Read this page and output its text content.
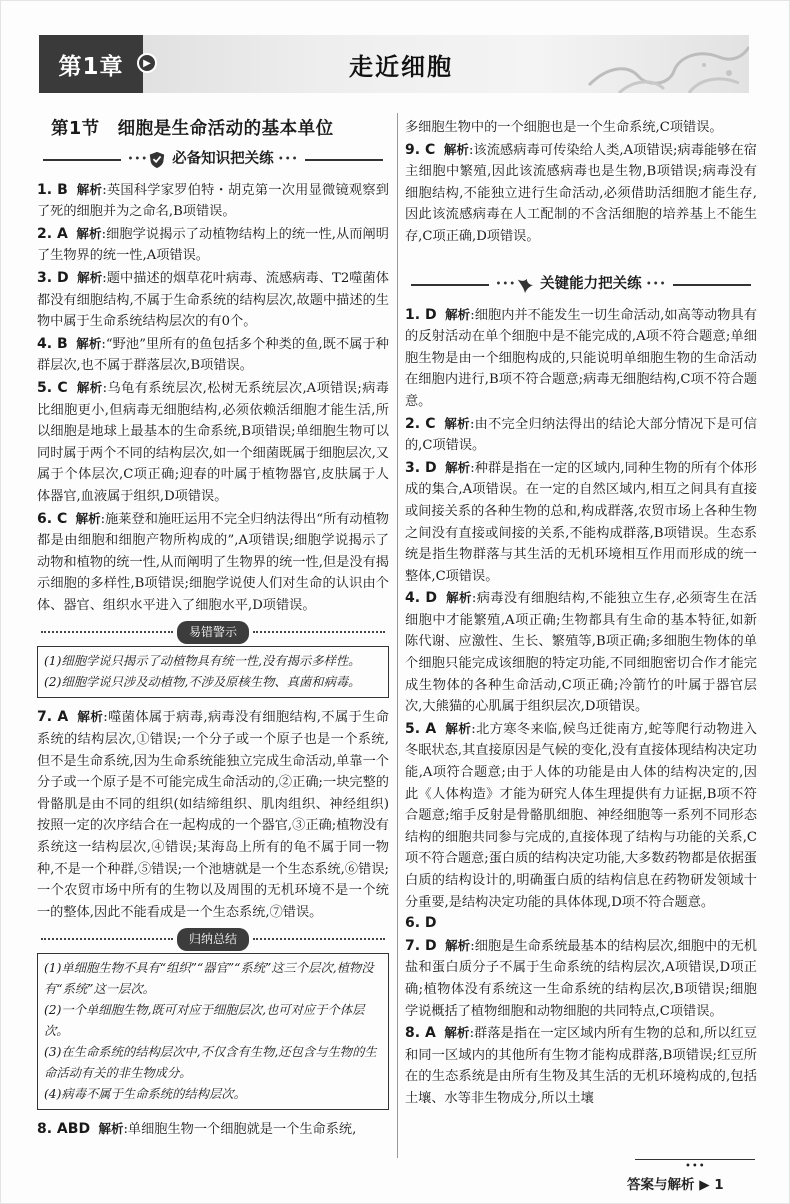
第1章	▶	走近细胞
第1节　细胞是生命活动的基本单位
••• 必备知识把关练 •••
1. B 解析:英国科学家罗伯特・胡克第一次用显微镜观察到了死的细胞并为之命名,B项错误。
2. A 解析:细胞学说揭示了动植物结构上的统一性,从而阐明了生物界的统一性,A项错误。
3. D 解析:题中描述的烟草花叶病毒、流感病毒、T2噬菌体都没有细胞结构,不属于生命系统的结构层次,故题中描述的生物中属于生命系统结构层次的有0个。
4. B 解析:“野池”里所有的鱼包括多个种类的鱼,既不属于种群层次,也不属于群落层次,B项错误。
5. C 解析:乌龟有系统层次,松树无系统层次,A项错误;病毒比细胞更小,但病毒无细胞结构,必须依赖活细胞才能生活,所以细胞是地球上最基本的生命系统,B项错误;单细胞生物可以同时属于两个不同的结构层次,如一个细菌既属于细胞层次,又属于个体层次,C项正确;迎春的叶属于植物器官,皮肤属于人体器官,血液属于组织,D项错误。
6. C 解析:施莱登和施旺运用不完全归纳法得出“所有动植物都是由细胞和细胞产物所构成的”,A项错误;细胞学说揭示了动物和植物的统一性,从而阐明了生物界的统一性,但是没有揭示细胞的多样性,B项错误;细胞学说使人们对生命的认识由个体、器官、组织水平进入了细胞水平,D项错误。
易错警示

(1)细胞学说只揭示了动植物具有统一性,没有揭示多样性。

(2)细胞学说只涉及动植物,不涉及原核生物、真菌和病毒。

7. A 解析:噬菌体属于病毒,病毒没有细胞结构,不属于生命系统的结构层次,①错误;一个分子或一个原子也是一个系统,但不是生命系统,因为生命系统能独立完成生命活动,单靠一个分子或一个原子是不可能完成生命活动的,②正确;一块完整的骨骼肌是由不同的组织(如结缔组织、肌肉组织、神经组织)按照一定的次序结合在一起构成的一个器官,③正确;植物没有系统这一结构层次,④错误;某海岛上所有的龟不属于同一物种,不是一个种群,⑤错误;一个池塘就是一个生态系统,⑥错误;一个农贸市场中所有的生物以及周围的无机环境不是一个统一的整体,因此不能看成是一个生态系统,⑦错误。
归纳总结

(1)单细胞生物不具有“组织”“器官”“系统”这三个层次,植物没有“系统”这一层次。

(2)一个单细胞生物,既可对应于细胞层次,也可对应于个体层次。

(3)在生命系统的结构层次中,不仅含有生物,还包含与生物的生命活动有关的非生物成分。

(4)病毒不属于生命系统的结构层次。

8. ABD 解析:单细胞生物一个细胞就是一个生命系统,
多细胞生物中的一个细胞也是一个生命系统,C项错误。
9. C 解析:该流感病毒可传染给人类,A项错误;病毒能够在宿主细胞中繁殖,因此该流感病毒也是生物,B项错误;病毒没有细胞结构,不能独立进行生命活动,必须借助活细胞才能生存,因此该流感病毒在人工配制的不含活细胞的培养基上不能生存,C项正确,D项错误。
••• 关键能力把关练 •••
1. D 解析:细胞内并不能发生一切生命活动,如高等动物具有的反射活动在单个细胞中是不能完成的,A项不符合题意;单细胞生物是由一个细胞构成的,只能说明单细胞生物的生命活动在细胞内进行,B项不符合题意;病毒无细胞结构,C项不符合题意。
2. C 解析:由不完全归纳法得出的结论大部分情况下是可信的,C项错误。
3. D 解析:种群是指在一定的区域内,同种生物的所有个体形成的集合,A项错误。在一定的自然区域内,相互之间具有直接或间接关系的各种生物的总和,构成群落,农贸市场上各种生物之间没有直接或间接的关系,不能构成群落,B项错误。生态系统是指生物群落与其生活的无机环境相互作用而形成的统一整体,C项错误。
4. D 解析:病毒没有细胞结构,不能独立生存,必须寄生在活细胞中才能繁殖,A项正确;生物都具有生命的基本特征,如新陈代谢、应激性、生长、繁殖等,B项正确;多细胞生物体的单个细胞只能完成该细胞的特定功能,不同细胞密切合作才能完成生物体的各种生命活动,C项正确;冷箭竹的叶属于器官层次,大熊猫的心肌属于组织层次,D项错误。
5. A 解析:北方寒冬来临,候鸟迁徙南方,蛇等爬行动物进入冬眠状态,其直接原因是气候的变化,没有直接体现结构决定功能,A项符合题意;由于人体的功能是由人体的结构决定的,因此《人体构造》才能为研究人体生理提供有力证据,B项不符合题意;缩手反射是骨骼肌细胞、神经细胞等一系列不同形态结构的细胞共同参与完成的,直接体现了结构与功能的关系,C项不符合题意;蛋白质的结构决定功能,大多数药物都是依据蛋白质的结构设计的,明确蛋白质的结构信息在药物研发领域十分重要,是结构决定功能的具体体现,D项不符合题意。
6. D
7. D 解析:细胞是生命系统最基本的结构层次,细胞中的无机盐和蛋白质分子不属于生命系统的结构层次,A项错误,D项正确;植物体没有系统这一生命系统的结构层次,B项错误;细胞学说概括了植物细胞和动物细胞的共同特点,C项错误。
8. A 解析:群落是指在一定区域内所有生物的总和,所以红豆和同一区域内的其他所有生物才能构成群落,B项错误;红豆所在的生态系统是由所有生物及其生活的无机环境构成的,包括土壤、水等非生物成分,所以土壤
•••
答案与解析 ▶ 1
